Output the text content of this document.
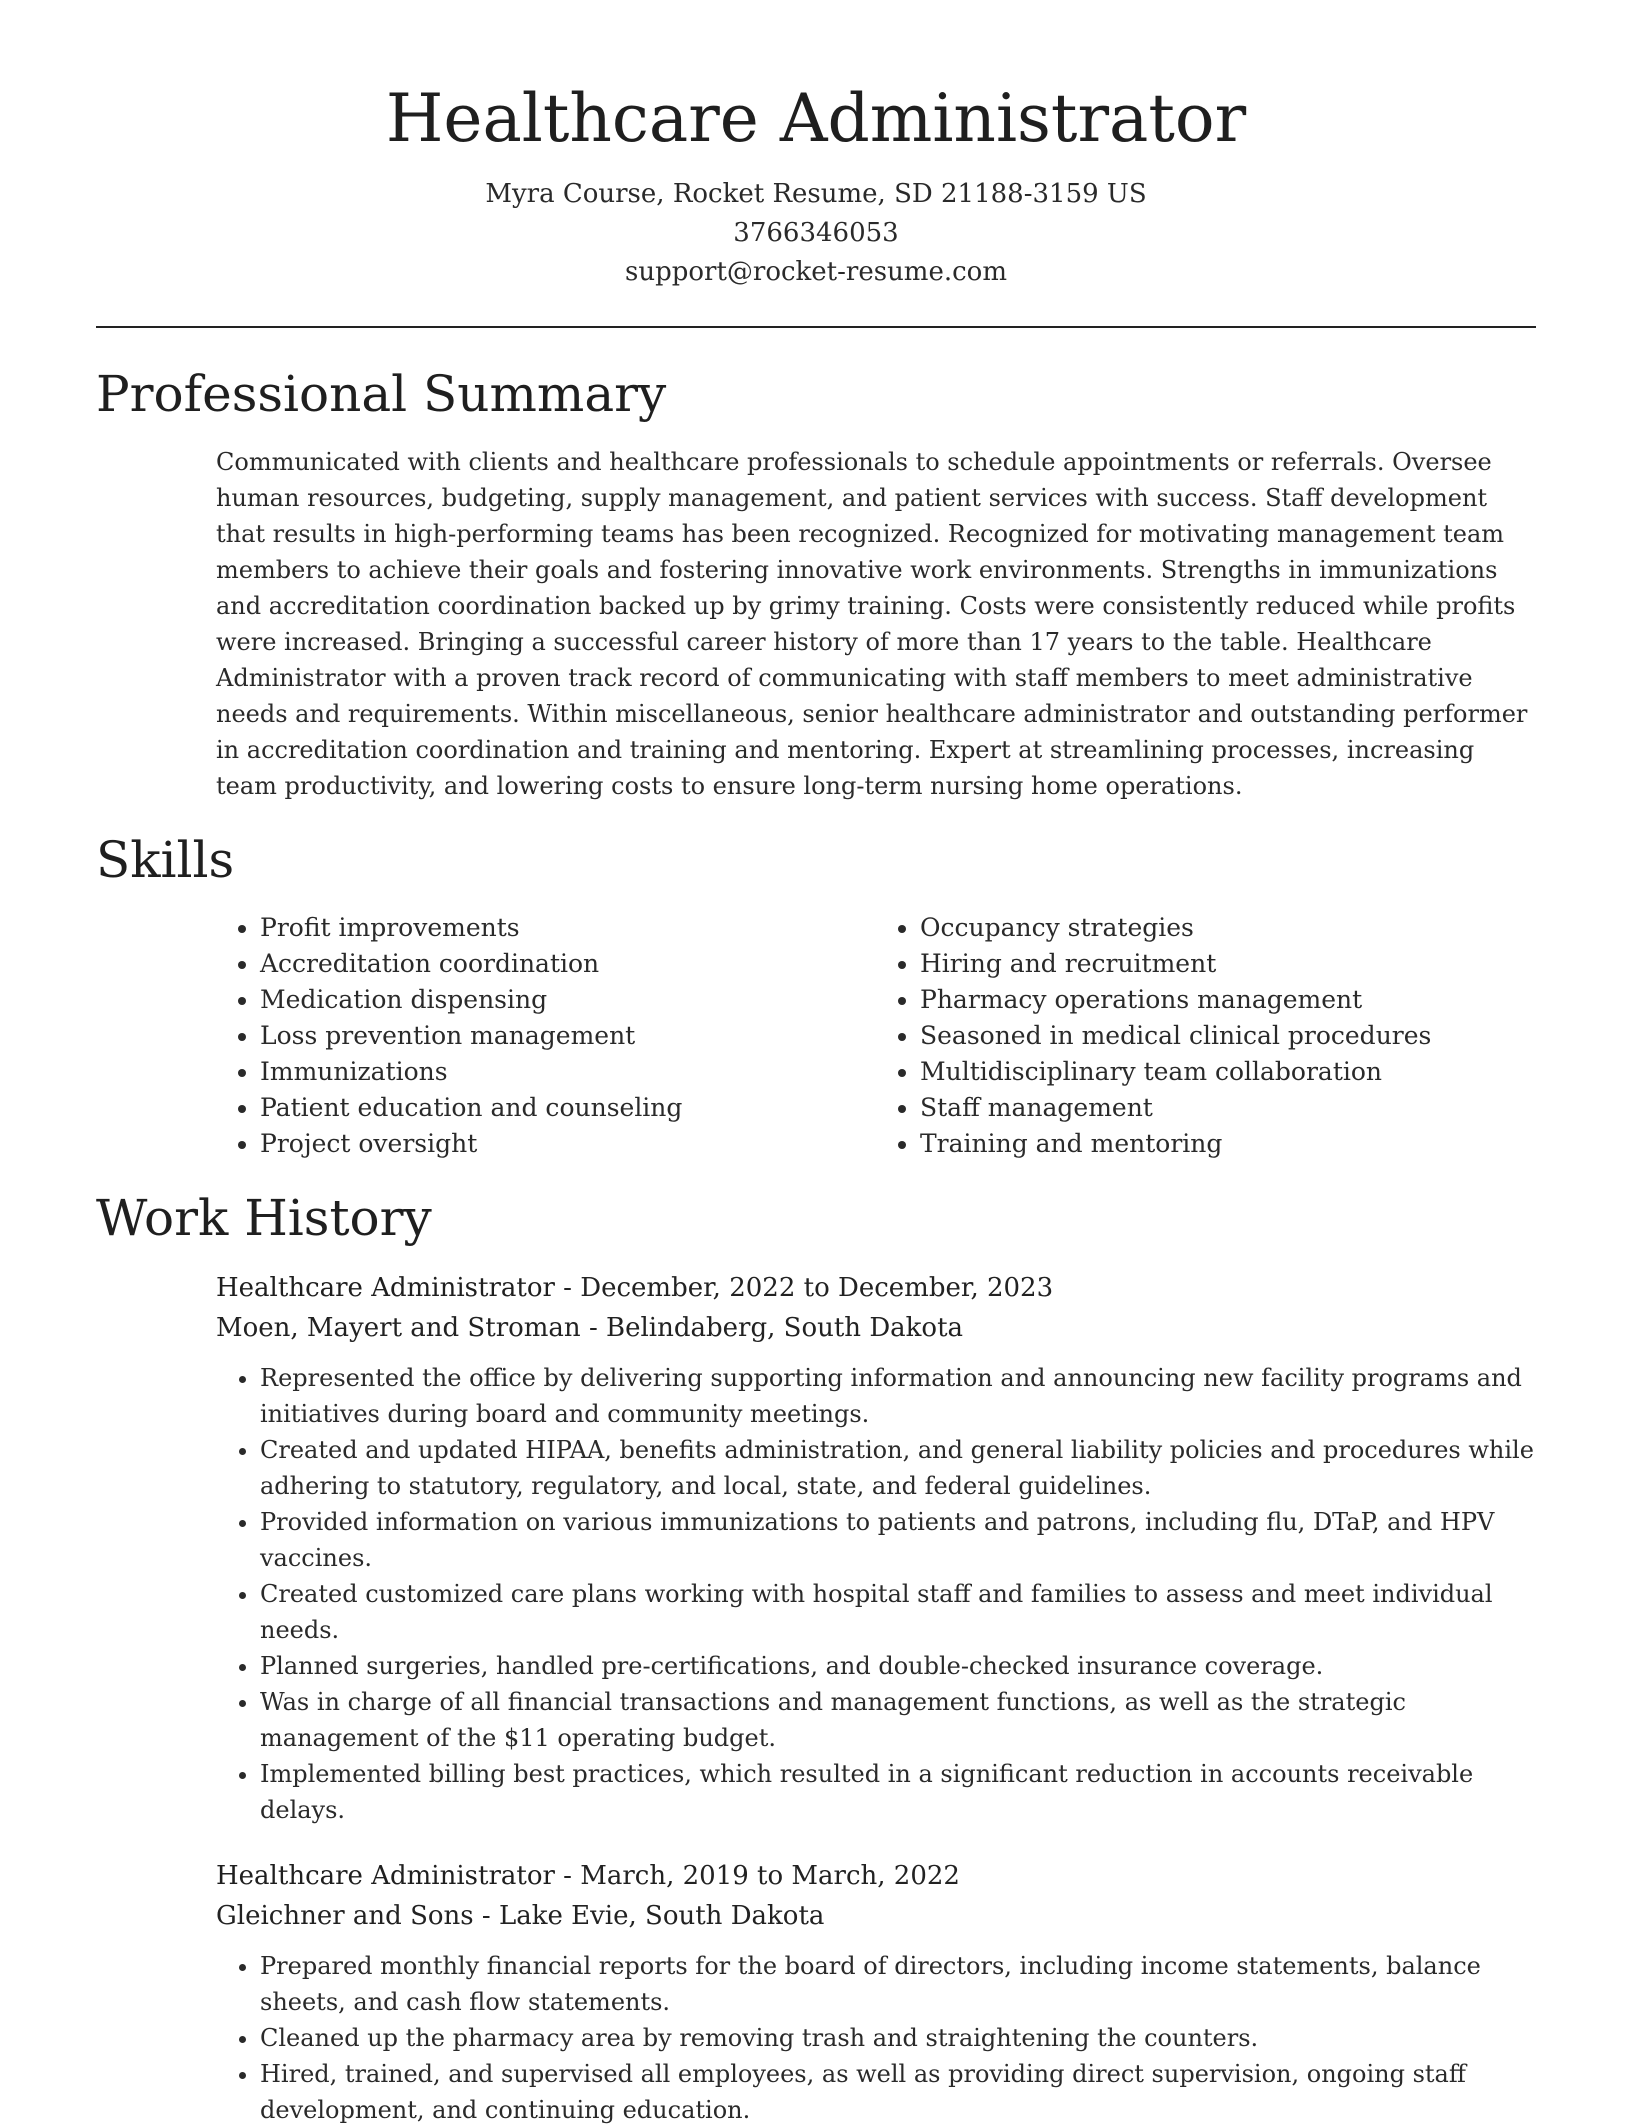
Healthcare Administrator
Myra Course, Rocket Resume, SD 21188-3159 US
3766346053
support@rocket-resume.com
Professional Summary

Communicated with clients and healthcare professionals to schedule appointments or referrals. Oversee human resources, budgeting, supply management, and patient services with success. Staff development that results in high-performing teams has been recognized. Recognized for motivating management team members to achieve their goals and fostering innovative work environments. Strengths in immunizations and accreditation coordination backed up by grimy training. Costs were consistently reduced while profits were increased. Bringing a successful career history of more than 17 years to the table. Healthcare Administrator with a proven track record of communicating with staff members to meet administrative needs and requirements. Within miscellaneous, senior healthcare administrator and outstanding performer in accreditation coordination and training and mentoring. Expert at streamlining processes, increasing team productivity, and lowering costs to ensure long-term nursing home operations.

Skills
• Profit improvements
• Accreditation coordination
• Medication dispensing
• Loss prevention management
• Immunizations
• Patient education and counseling
• Project oversight
• Occupancy strategies
• Hiring and recruitment
• Pharmacy operations management
• Seasoned in medical clinical procedures
• Multidisciplinary team collaboration
• Staff management
• Training and mentoring
Work History
Healthcare Administrator - December, 2022 to December, 2023
Moen, Mayert and Stroman - Belindaberg, South Dakota
• Represented the office by delivering supporting information and announcing new facility programs and initiatives during board and community meetings.
• Created and updated HIPAA, benefits administration, and general liability policies and procedures while adhering to statutory, regulatory, and local, state, and federal guidelines.
• Provided information on various immunizations to patients and patrons, including flu, DTaP, and HPV vaccines.
• Created customized care plans working with hospital staff and families to assess and meet individual needs.
• Planned surgeries, handled pre-certifications, and double-checked insurance coverage.
• Was in charge of all financial transactions and management functions, as well as the strategic management of the $11 operating budget.
• Implemented billing best practices, which resulted in a significant reduction in accounts receivable delays.
Healthcare Administrator - March, 2019 to March, 2022
Gleichner and Sons - Lake Evie, South Dakota
• Prepared monthly financial reports for the board of directors, including income statements, balance sheets, and cash flow statements.
• Cleaned up the pharmacy area by removing trash and straightening the counters.
• Hired, trained, and supervised all employees, as well as providing direct supervision, ongoing staff development, and continuing education.
